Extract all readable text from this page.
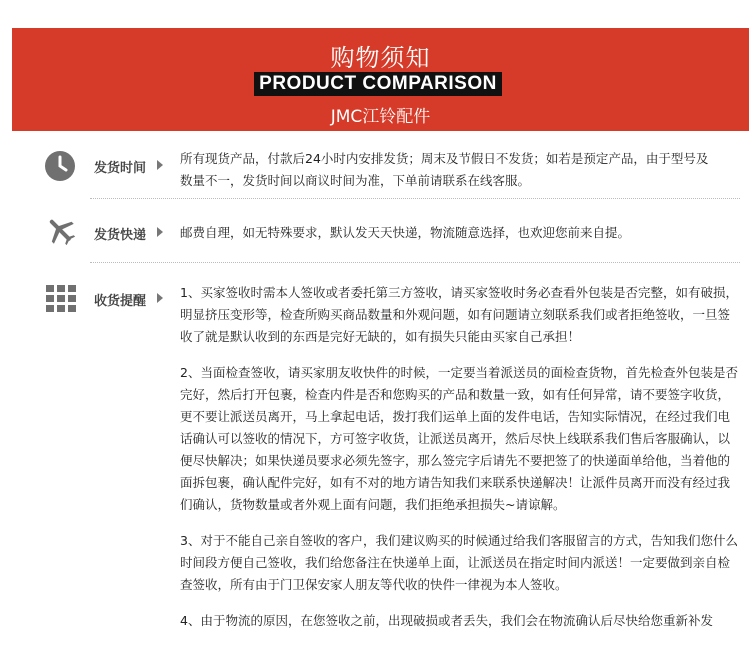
购物须知
PRODUCT COMPARISON
JMC江铃配件
发货时间
所有现货产品，付款后24小时内安排发货；周末及节假日不发货；如若是预定产品，由于型号及数量不一，发货时间以商议时间为准，下单前请联系在线客服。
发货快递	邮费自理，如无特殊要求，默认发天天快递，物流随意选择，也欢迎您前来自提。
收货提醒

1、买家签收时需本人签收或者委托第三方签收，请买家签收时务必查看外包装是否完整，如有破损，明显挤压变形等，检查所购买商品数量和外观问题，如有问题请立刻联系我们或者拒绝签收，一旦签收了就是默认收到的东西是完好无缺的，如有损失只能由买家自己承担！

2、当面检查签收，请买家朋友收快件的时候，一定要当着派送员的面检查货物，首先检查外包装是否完好，然后打开包裹，检查内件是否和您购买的产品和数量一致，如有任何异常，请不要签字收货，更不要让派送员离开，马上拿起电话，拨打我们运单上面的发件电话，告知实际情况，在经过我们电话确认可以签收的情况下，方可签字收货，让派送员离开，然后尽快上线联系我们售后客服确认，以便尽快解决；如果快递员要求必须先签字，那么签完字后请先不要把签了的快递面单给他，当着他的面拆包裹，确认配件完好，如有不对的地方请告知我们来联系快递解决！让派件员离开而没有经过我们确认，货物数量或者外观上面有问题，我们拒绝承担损失~请谅解。

3、对于不能自己亲自签收的客户，我们建议购买的时候通过给我们客服留言的方式，告知我们您什么时间段方便自己签收，我们给您备注在快递单上面，让派送员在指定时间内派送！一定要做到亲自检查签收，所有由于门卫保安家人朋友等代收的快件一律视为本人签收。

4、由于物流的原因，在您签收之前，出现破损或者丢失，我们会在物流确认后尽快给您重新补发
